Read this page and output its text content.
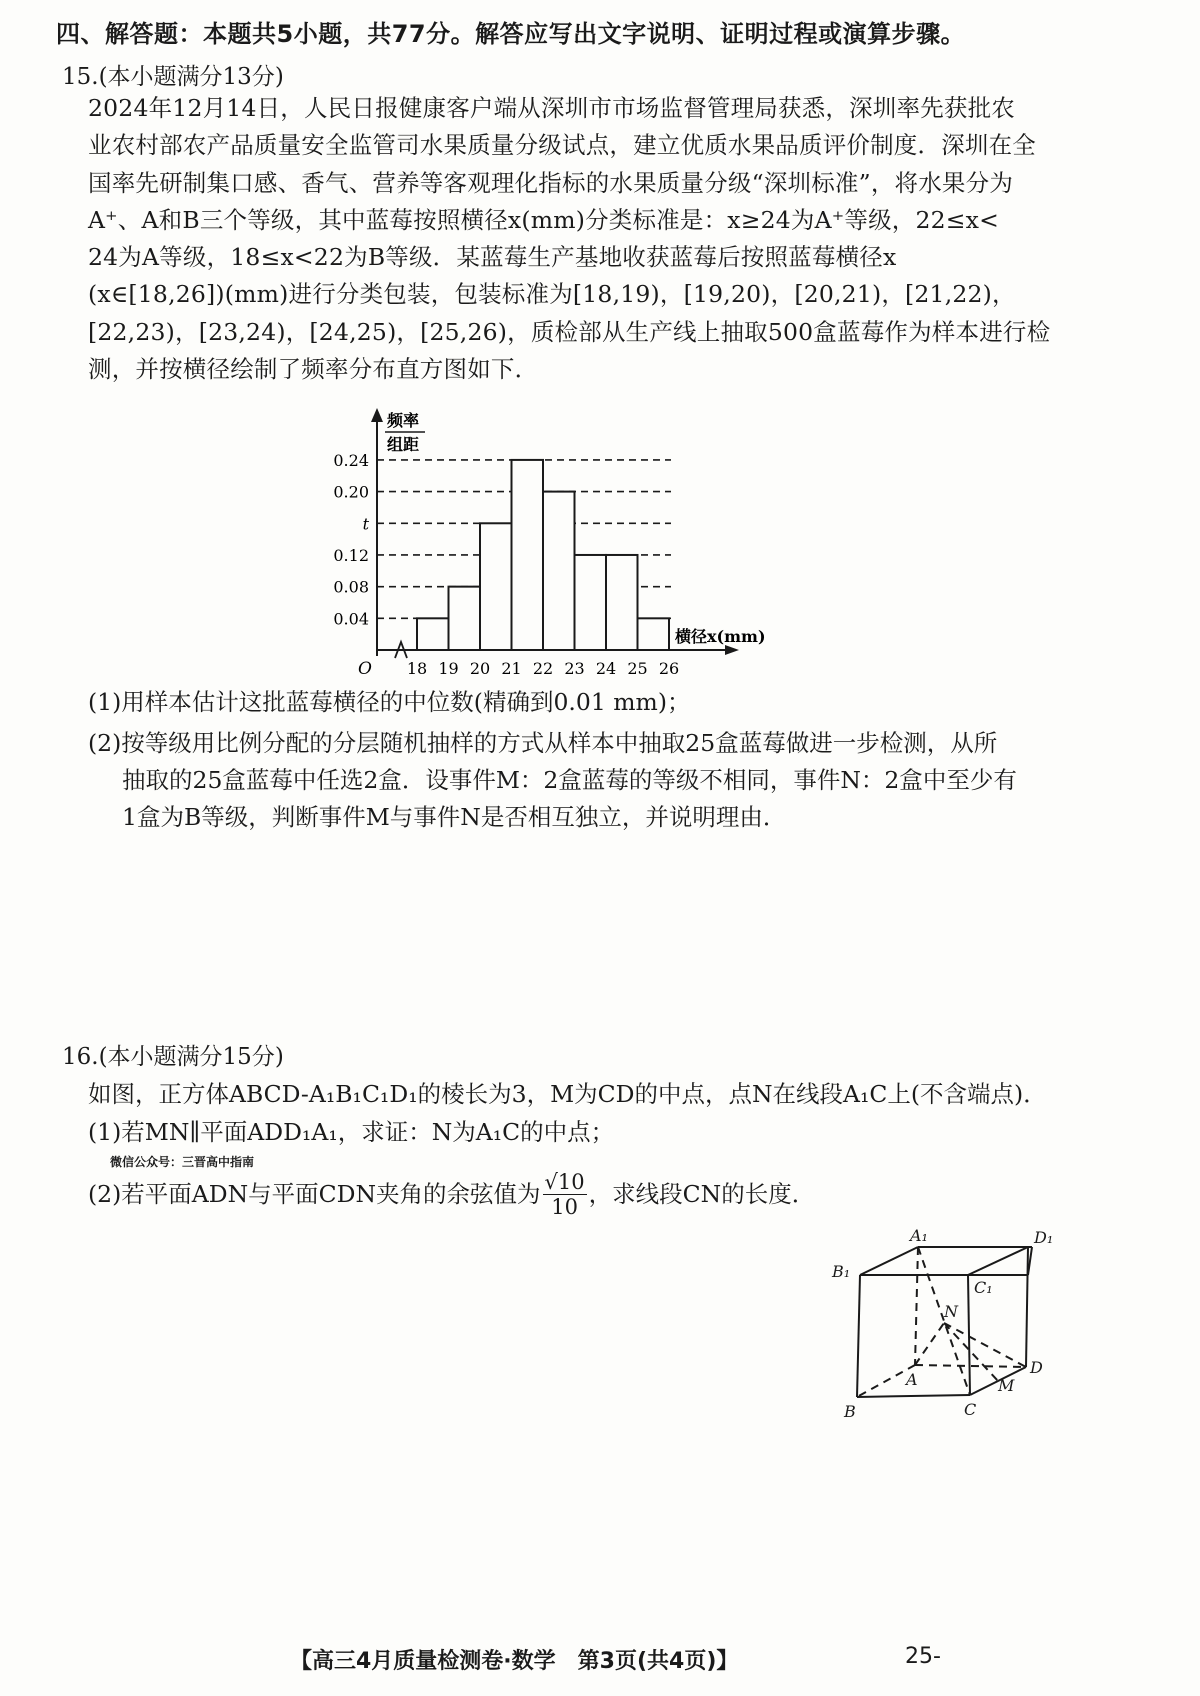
四、解答题：本题共5小题，共77分。解答应写出文字说明、证明过程或演算步骤。
15.(本小题满分13分)
2024年12月14日，人民日报健康客户端从深圳市市场监督管理局获悉，深圳率先获批农
业农村部农产品质量安全监管司水果质量分级试点，建立优质水果品质评价制度．深圳在全
国率先研制集口感、香气、营养等客观理化指标的水果质量分级“深圳标准”，将水果分为
A⁺、A和B三个等级，其中蓝莓按照横径x(mm)分类标准是：x≥24为A⁺等级，22≤x<
24为A等级，18≤x<22为B等级．某蓝莓生产基地收获蓝莓后按照蓝莓横径x
(x∈[18,26])(mm)进行分类包装，包装标准为[18,19)，[19,20)，[20,21)，[21,22)，
[22,23)，[23,24)，[24,25)，[25,26)，质检部从生产线上抽取500盒蓝莓作为样本进行检
测，并按横径绘制了频率分布直方图如下．
0.04
0.08
0.12
t
0.20
0.24
18 19 20 21 22 23 24 25 26
O
频率
组距
横径x(mm)
(1)用样本估计这批蓝莓横径的中位数(精确到0.01 mm)；
(2)按等级用比例分配的分层随机抽样的方式从样本中抽取25盒蓝莓做进一步检测，从所
抽取的25盒蓝莓中任选2盒．设事件M：2盒蓝莓的等级不相同，事件N：2盒中至少有
1盒为B等级，判断事件M与事件N是否相互独立，并说明理由．
16.(本小题满分15分)
如图，正方体ABCD-A₁B₁C₁D₁的棱长为3，M为CD的中点，点N在线段A₁C上(不含端点)．
(1)若MN∥平面ADD₁A₁，求证：N为A₁C的中点；
微信公众号：三晋高中指南
(2)若平面ADN与平面CDN夹角的余弦值为 $\frac{√10}{10}$ ，求线段CN的长度．
A₁	D₁
B₁
C₁
N
A
D
M
B	C
【高三4月质量检测卷·数学　第3页(共4页)】	25-
